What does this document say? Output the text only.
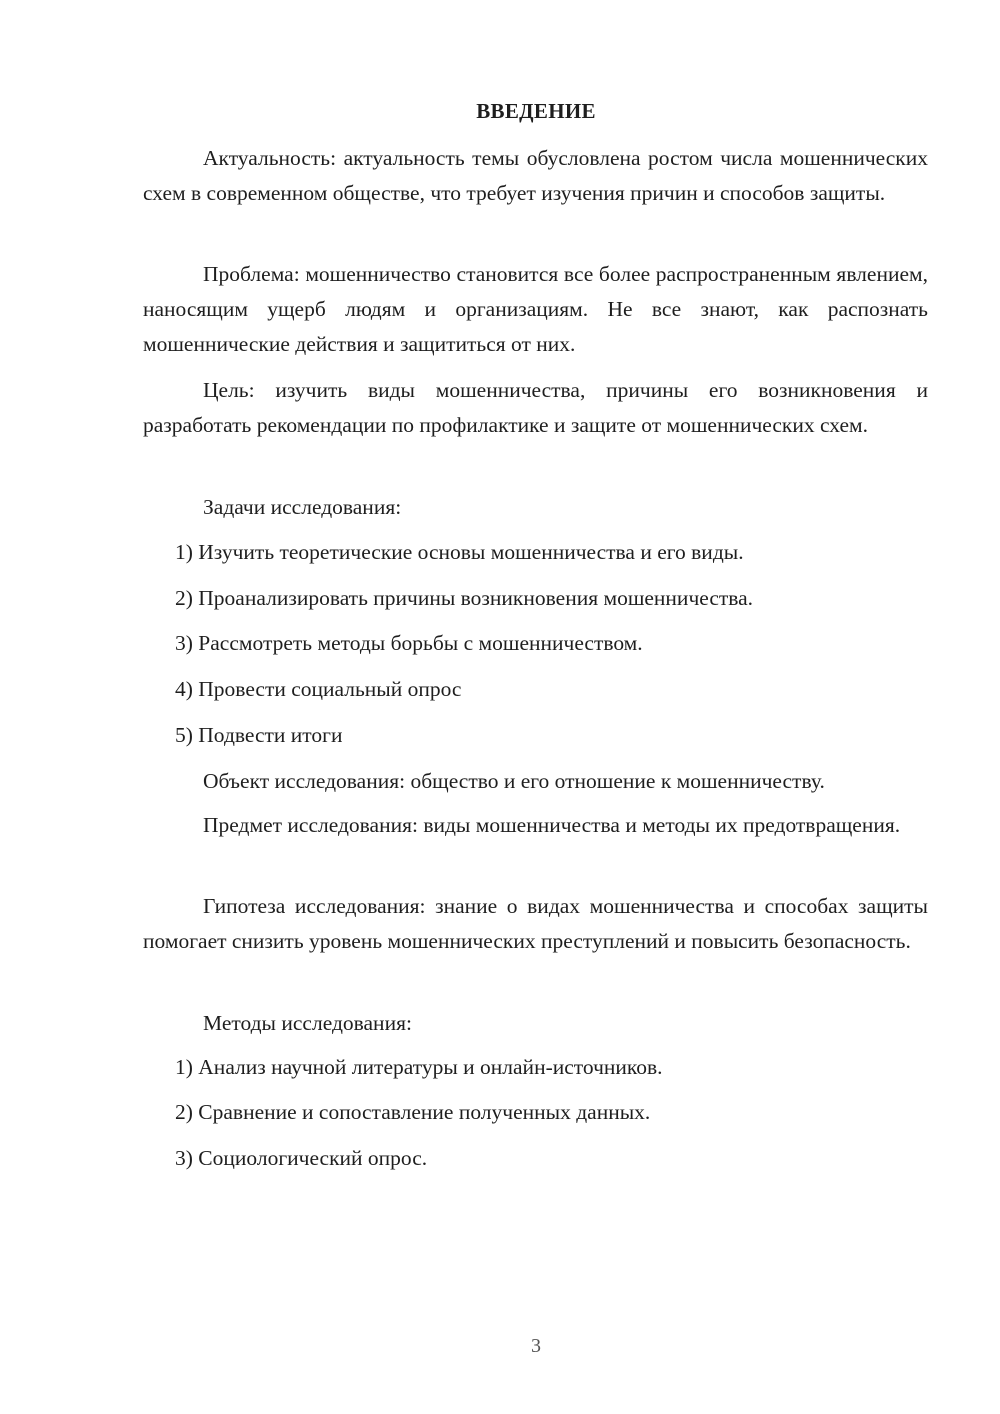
ВВЕДЕНИЕ

Актуальность: актуальность темы обусловлена ростом числа мошеннических схем в современном обществе, что требует изучения причин и способов защиты.

Проблема: мошенничество становится все более распространенным явлением, наносящим ущерб людям и организациям. Не все знают, как распознать мошеннические действия и защититься от них.

Цель: изучить виды мошенничества, причины его возникновения и разработать рекомендации по профилактике и защите от мошеннических схем.

Задачи исследования:

1) Изучить теоретические основы мошенничества и его виды.

2) Проанализировать причины возникновения мошенничества.

3) Рассмотреть методы борьбы с мошенничеством.

4) Провести социальный опрос

5) Подвести итоги

Объект исследования: общество и его отношение к мошенничеству.

Предмет исследования: виды мошенничества и методы их предотвращения.

Гипотеза исследования: знание о видах мошенничества и способах защиты помогает снизить уровень мошеннических преступлений и повысить безопасность.

Методы исследования:

1) Анализ научной литературы и онлайн-источников.

2) Сравнение и сопоставление полученных данных.

3) Социологический опрос.

3
